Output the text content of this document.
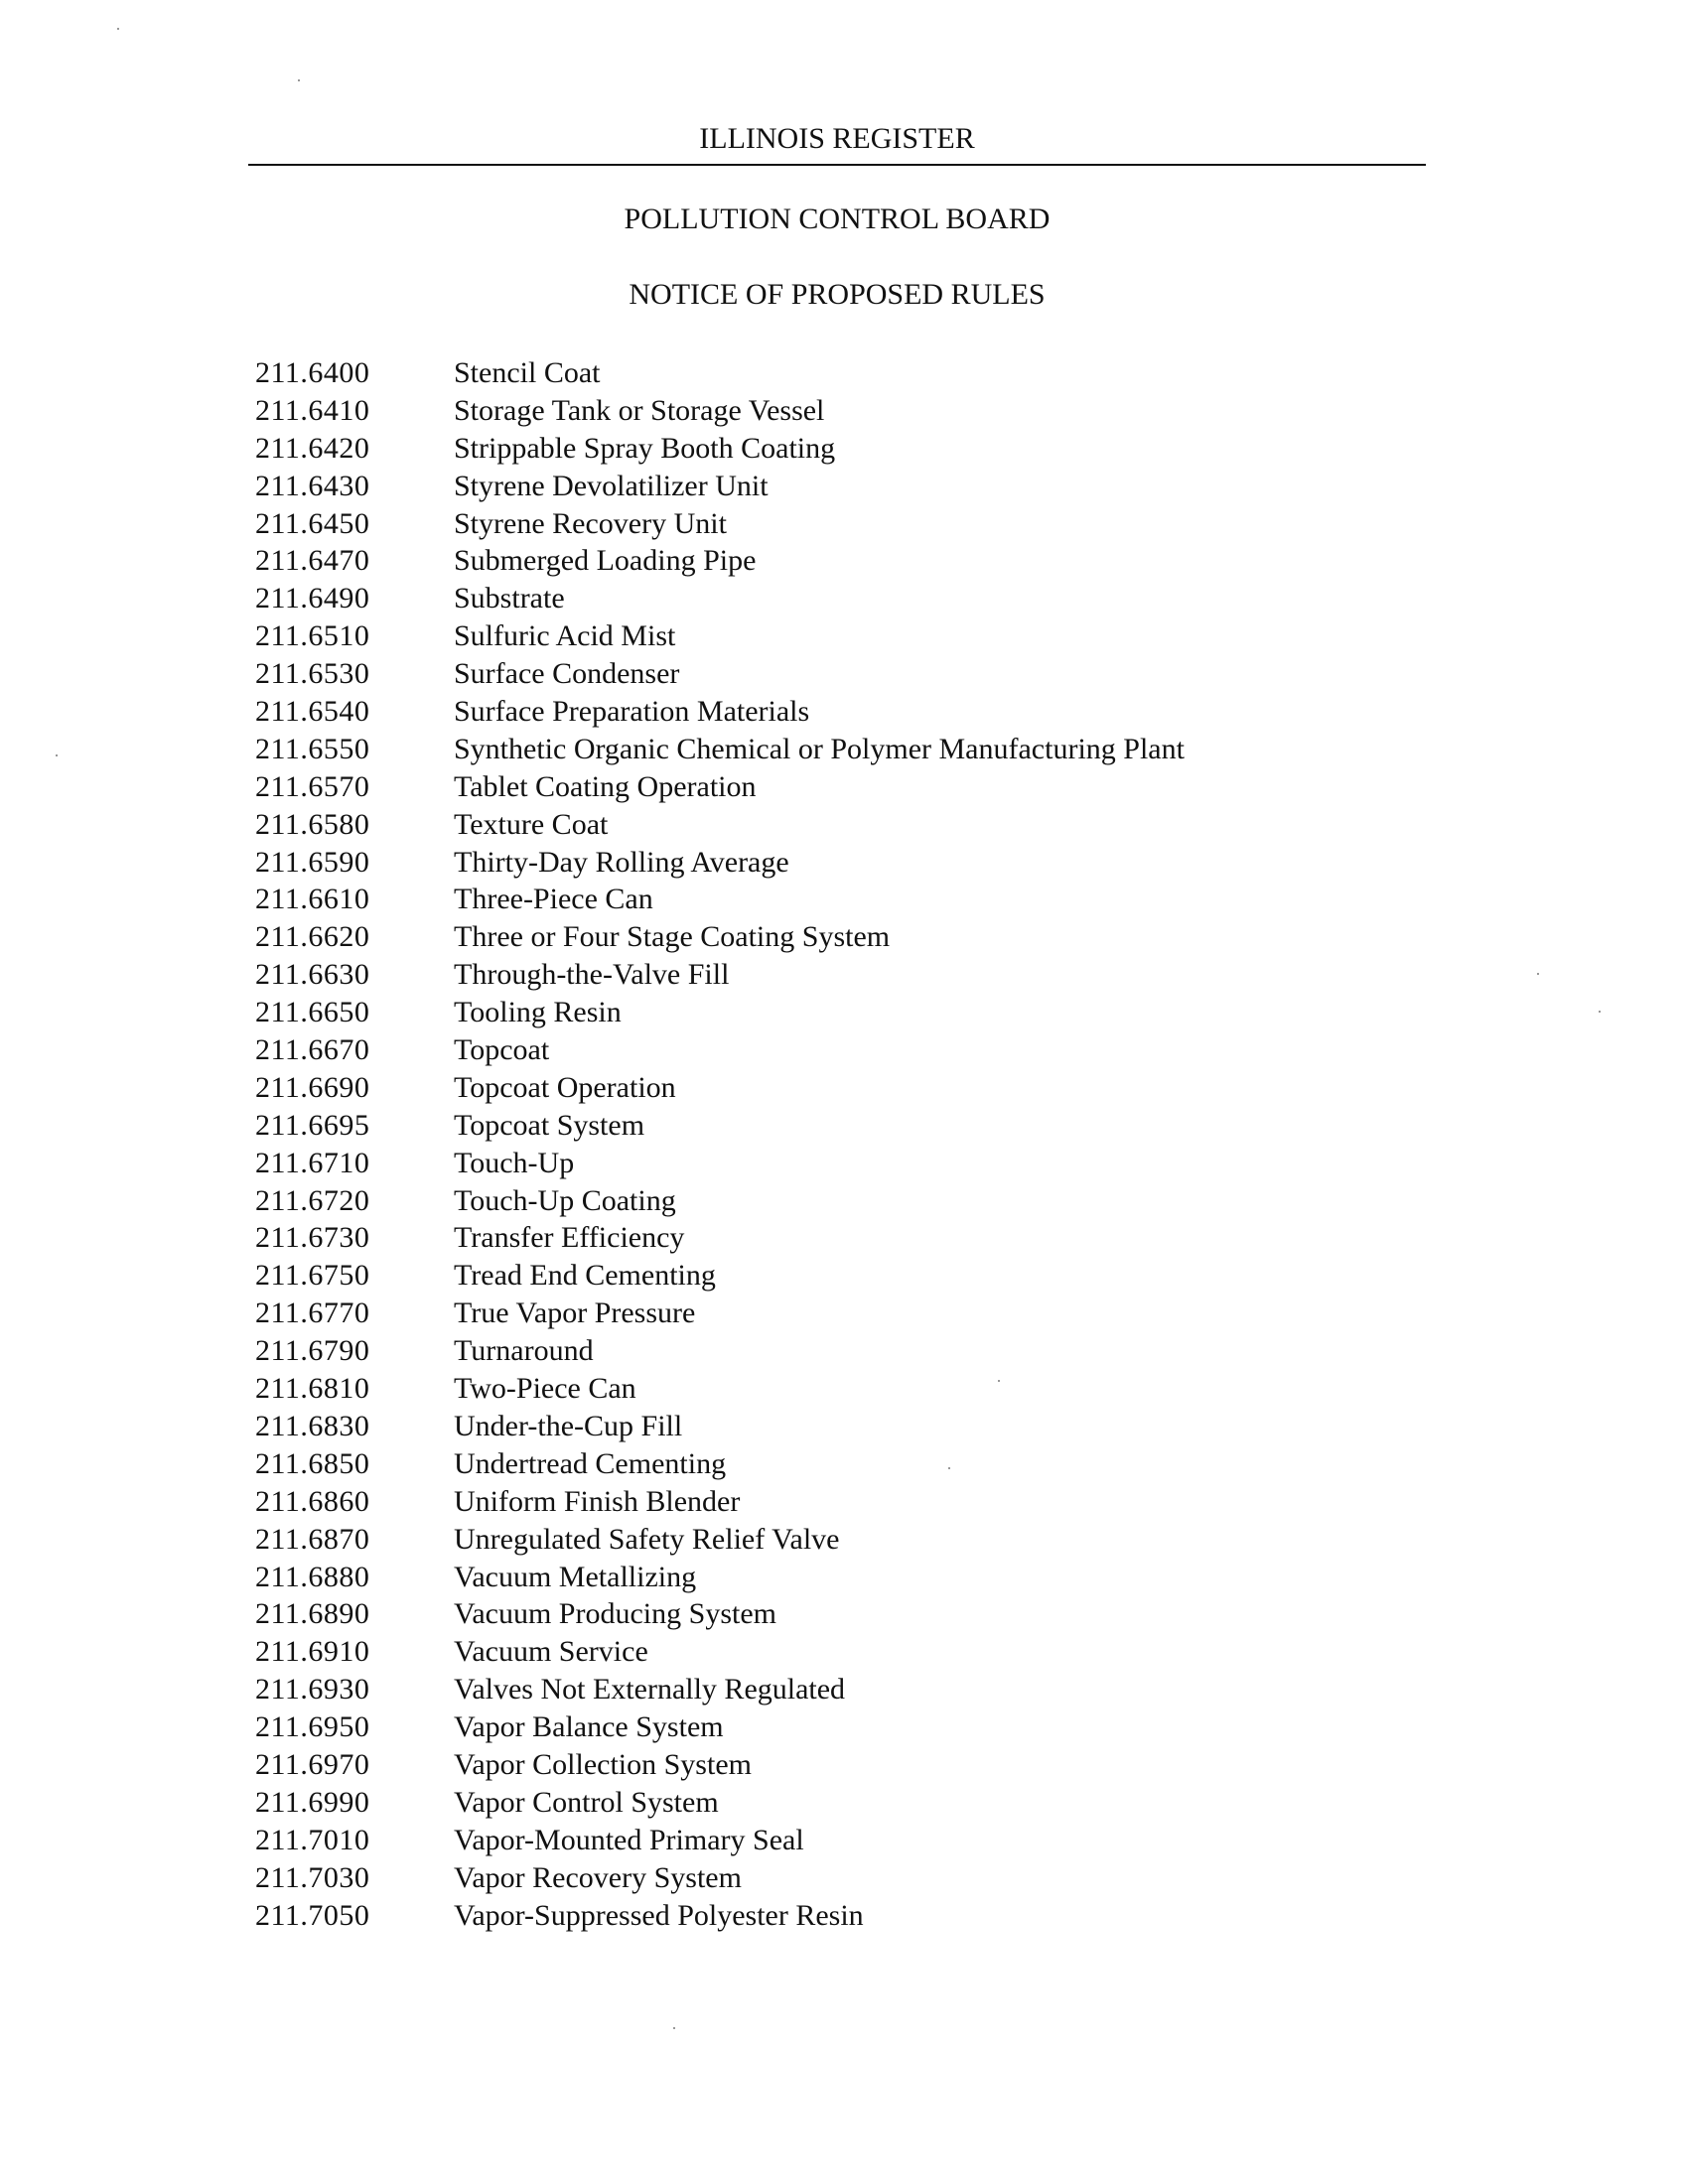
ILLINOIS REGISTER
POLLUTION CONTROL BOARD
NOTICE OF PROPOSED RULES
211.6400	Stencil Coat
211.6410	Storage Tank or Storage Vessel
211.6420	Strippable Spray Booth Coating
211.6430	Styrene Devolatilizer Unit
211.6450	Styrene Recovery Unit
211.6470	Submerged Loading Pipe
211.6490	Substrate
211.6510	Sulfuric Acid Mist
211.6530	Surface Condenser
211.6540	Surface Preparation Materials
211.6550	Synthetic Organic Chemical or Polymer Manufacturing Plant
211.6570	Tablet Coating Operation
211.6580	Texture Coat
211.6590	Thirty-Day Rolling Average
211.6610	Three-Piece Can
211.6620	Three or Four Stage Coating System
211.6630	Through-the-Valve Fill
211.6650	Tooling Resin
211.6670	Topcoat
211.6690	Topcoat Operation
211.6695	Topcoat System
211.6710	Touch-Up
211.6720	Touch-Up Coating
211.6730	Transfer Efficiency
211.6750	Tread End Cementing
211.6770	True Vapor Pressure
211.6790	Turnaround
211.6810	Two-Piece Can
211.6830	Under-the-Cup Fill
211.6850	Undertread Cementing
211.6860	Uniform Finish Blender
211.6870	Unregulated Safety Relief Valve
211.6880	Vacuum Metallizing
211.6890	Vacuum Producing System
211.6910	Vacuum Service
211.6930	Valves Not Externally Regulated
211.6950	Vapor Balance System
211.6970	Vapor Collection System
211.6990	Vapor Control System
211.7010	Vapor-Mounted Primary Seal
211.7030	Vapor Recovery System
211.7050	Vapor-Suppressed Polyester Resin
